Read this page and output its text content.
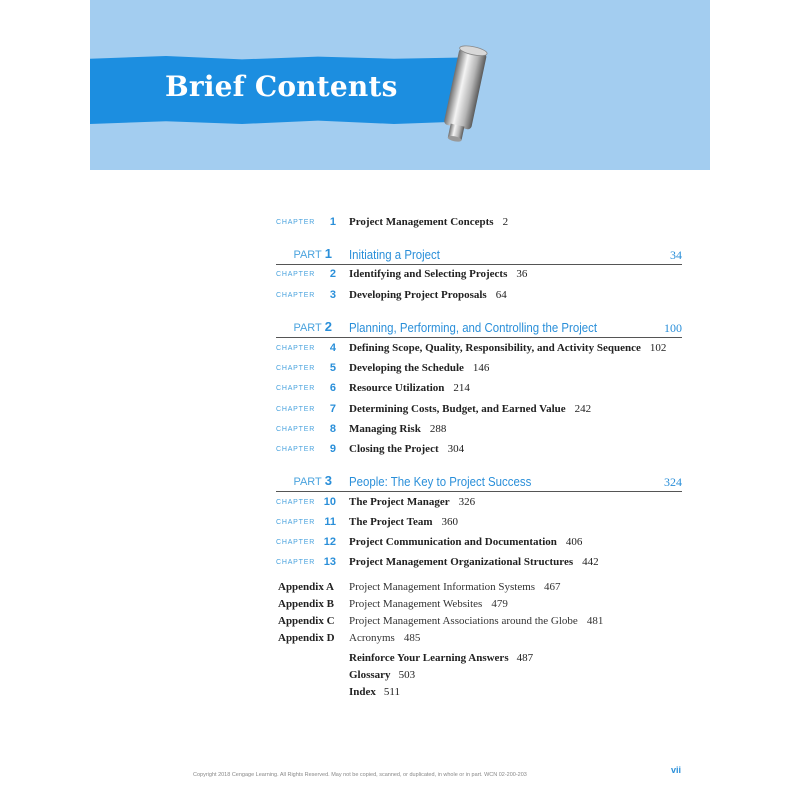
Brief Contents
CHAPTER	1 Project Management Concepts 2
PART 1 Initiating a Project	34
CHAPTER	2 Identifying and Selecting Projects 36
CHAPTER	3 Developing Project Proposals 64
PART 2 Planning, Performing, and Controlling the Project	100
CHAPTER	4 Defining Scope, Quality, Responsibility, and Activity Sequence 102
CHAPTER	5 Developing the Schedule 146
CHAPTER	6 Resource Utilization 214
CHAPTER	7 Determining Costs, Budget, and Earned Value 242
CHAPTER	8 Managing Risk 288
CHAPTER	9 Closing the Project 304
PART 3 People: The Key to Project Success	324
CHAPTER 10 The Project Manager 326
CHAPTER 11 The Project Team 360
CHAPTER 12 Project Communication and Documentation 406
CHAPTER 13 Project Management Organizational Structures 442
Appendix A Project Management Information Systems 467
Appendix B Project Management Websites 479
Appendix C Project Management Associations around the Globe 481
Appendix D Acronyms 485
Reinforce Your Learning Answers 487
Glossary 503
Index 511
Copyright 2018 Cengage Learning. All Rights Reserved. May not be copied, scanned, or duplicated, in whole or in part. WCN 02-200-203	vii
